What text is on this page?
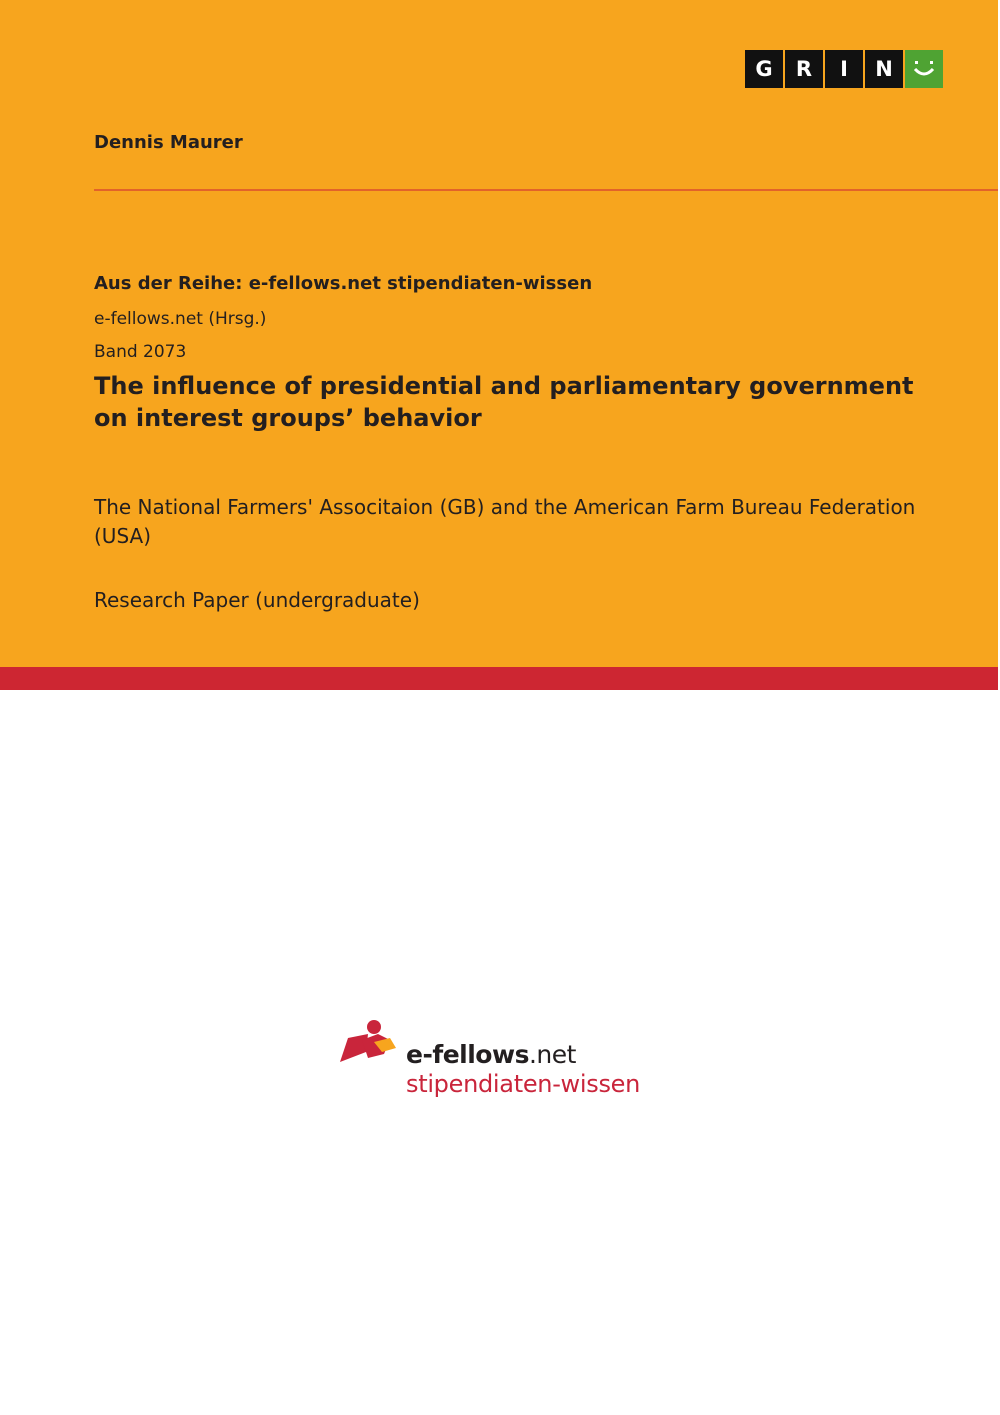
G	R	I	N
Dennis Maurer
Aus der Reihe: e-fellows.net stipendiaten-wissen
e-fellows.net (Hrsg.)
Band 2073
The influence of presidential and parliamentary government on interest groups’ behavior
The National Farmers' Associtaion (GB) and the American Farm Bureau Federation (USA)
Research Paper (undergraduate)
e-fellows.net
stipendiaten-wissen
